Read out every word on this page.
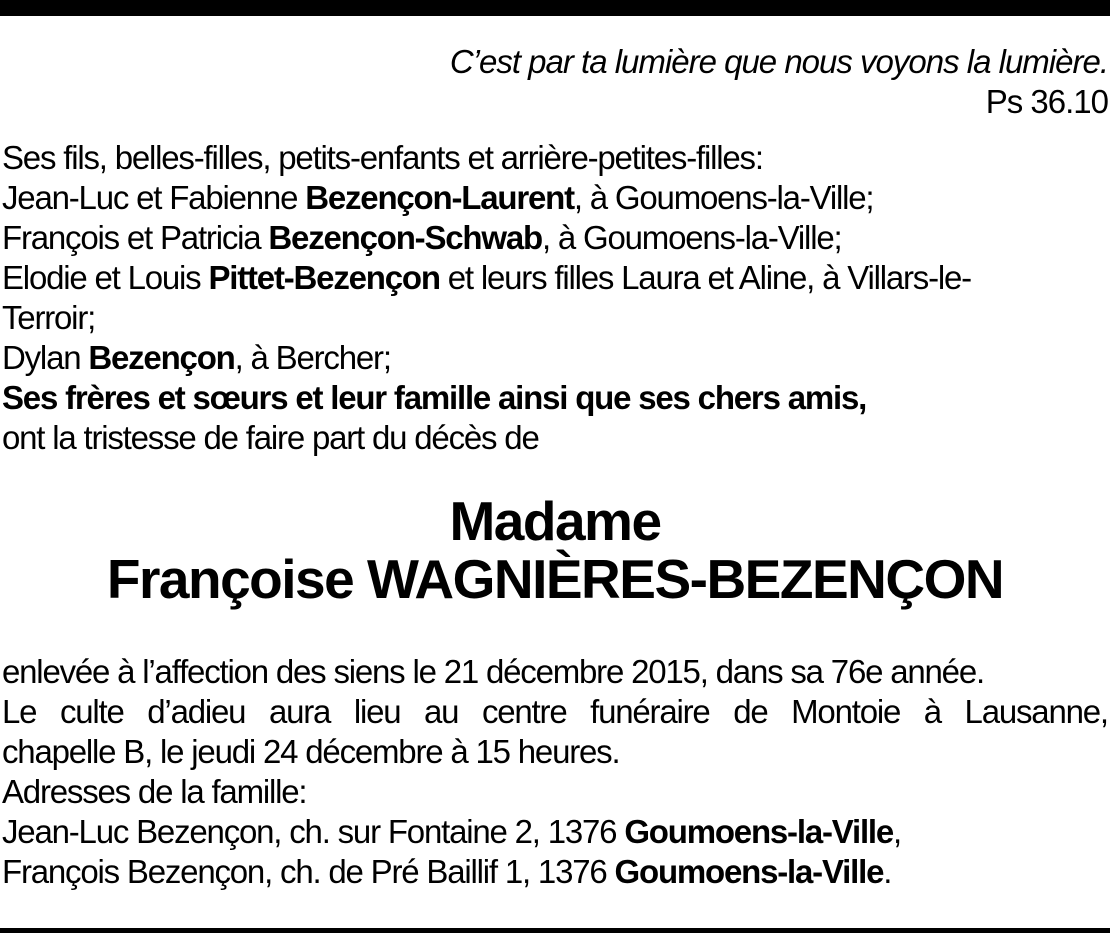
C’est par ta lumière que nous voyons la lumière.
Ps 36.10
Ses fils, belles-filles, petits-enfants et arrière-petites-filles:
Jean-Luc et Fabienne Bezençon-Laurent, à Goumoens-la-Ville;
François et Patricia Bezençon-Schwab, à Goumoens-la-Ville;
Elodie et Louis Pittet-Bezençon et leurs filles Laura et Aline, à Villars-le-
Terroir;
Dylan Bezençon, à Bercher;
Ses frères et sœurs et leur famille ainsi que ses chers amis,
ont la tristesse de faire part du décès de
Madame
Françoise WAGNIÈRES-BEZENÇON
enlevée à l’affection des siens le 21 décembre 2015, dans sa 76e année.
Le culte d’adieu aura lieu au centre funéraire de Montoie à Lausanne,
chapelle B, le jeudi 24 décembre à 15 heures.
Adresses de la famille:
Jean-Luc Bezençon, ch. sur Fontaine 2, 1376 Goumoens-la-Ville,
François Bezençon, ch. de Pré Baillif 1, 1376 Goumoens-la-Ville.
